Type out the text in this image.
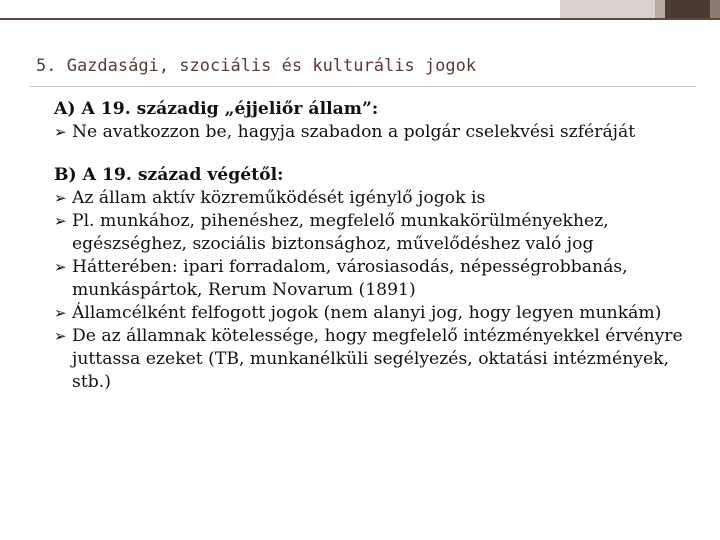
5. Gazdasági, szociális és kulturális jogok

A) A 19. századig „éjjeliőr állam”:

➢ Ne avatkozzon be, hagyja szabadon a polgár cselekvési szféráját

B) A 19. század végétől:

➢ Az állam aktív közreműködését igénylő jogok is

➢ Pl. munkához, pihenéshez, megfelelő munkakörülményekhez, egészséghez, szociális biztonsághoz, művelődéshez való jog

➢ Hátterében: ipari forradalom, városiasodás, népességrobbanás, munkáspártok, Rerum Novarum (1891)

➢ Államcélként felfogott jogok (nem alanyi jog, hogy legyen munkám)

➢ De az államnak kötelessége, hogy megfelelő intézményekkel érvényre juttassa ezeket (TB, munkanélküli segélyezés, oktatási intézmények, stb.)
